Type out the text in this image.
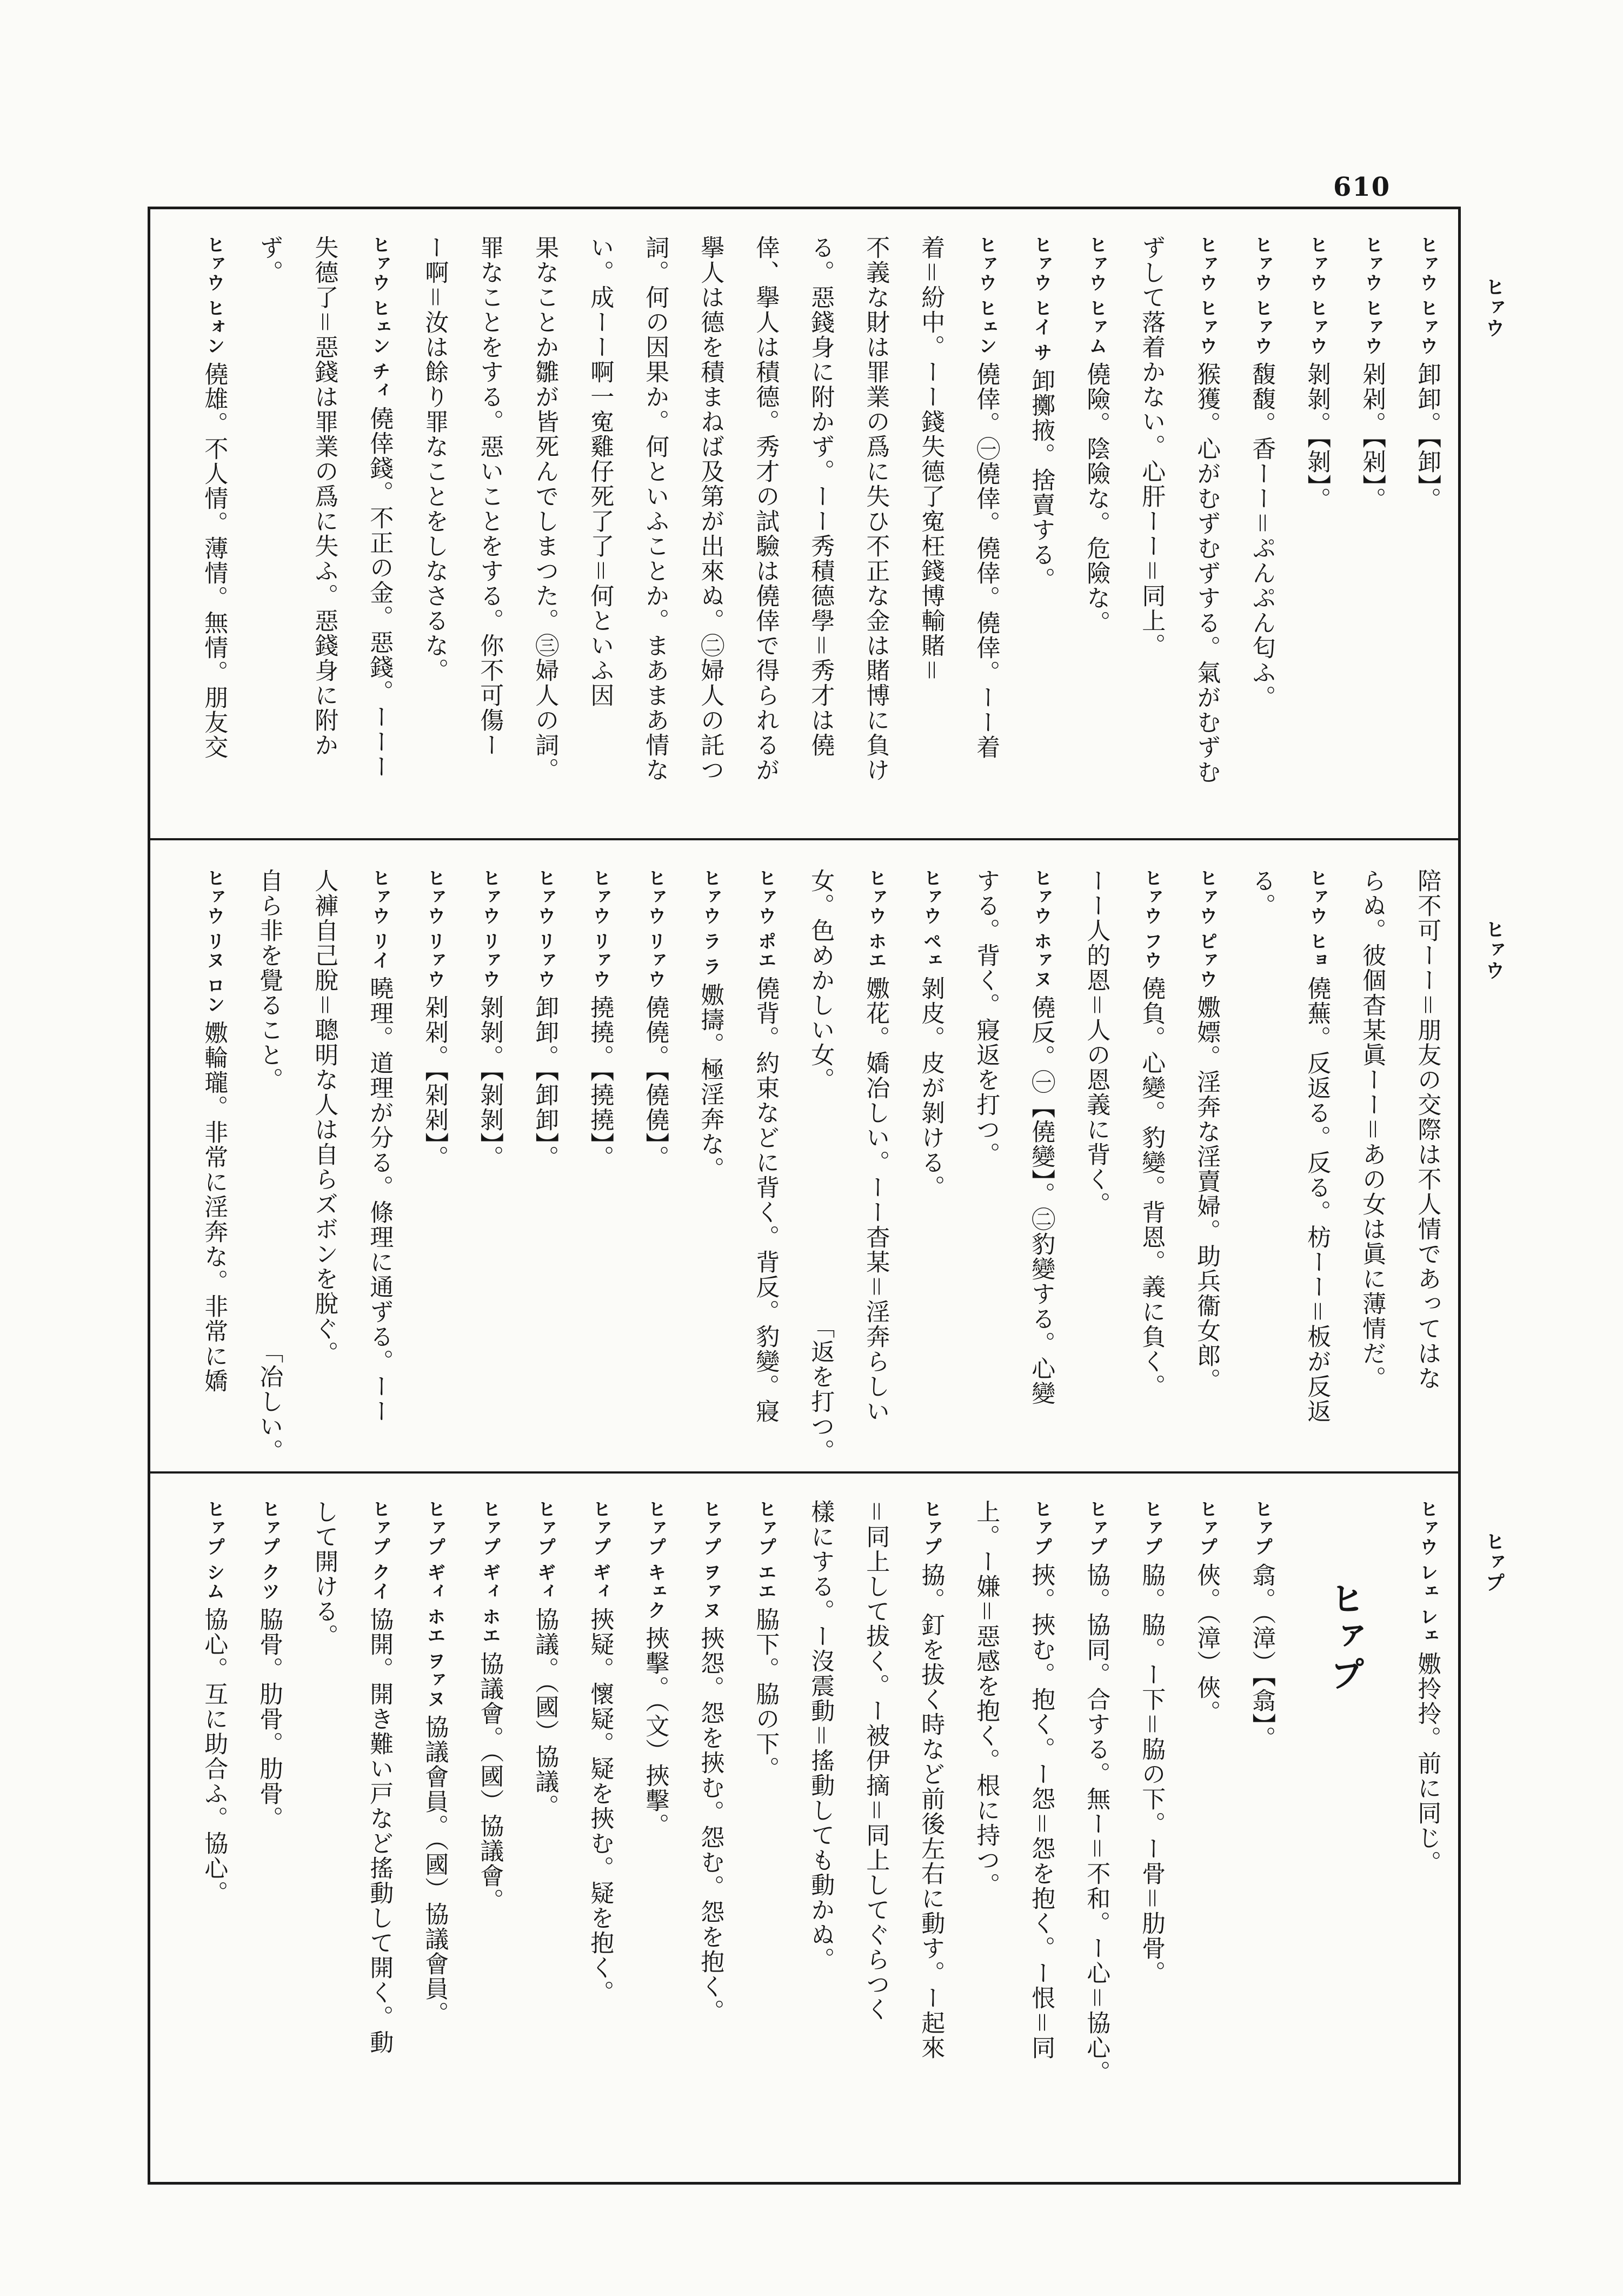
610
ヒァウ
ヒァウ
ヒァプ
ヒァウ
ヒァウ
卸卸。【卸】。
ヒァウ
ヒァウ
剁剁。【剁】。
ヒァウ
ヒァウ
剝剝。【剝】。
ヒァウ
ヒァウ
馥馥。香ーー＝ぷんぷん匂ふ。
ヒァウ
ヒァウ
猴獲。心がむずむずする。氣がむずむ
ずして落着かない。心肝ーー＝同上。
ヒァウ
ヒァム
僥險。陰險な。危險な。
ヒァウ
ヒイ
サ
卸擲掖。捨賣する。
ヒァウ
ヒェン
僥倖。㊀僥倖。僥倖。僥倖。ーー着
着＝紛中。ーー錢失德了寃枉錢博輸賭＝
不義な財は罪業の爲に失ひ不正な金は賭博に負け
る。惡錢身に附かず。ーー秀積德學＝秀才は僥
倖、擧人は積德。秀才の試驗は僥倖で得られるが
擧人は德を積まねば及第が出來ぬ。㊁婦人の託つ
詞。何の因果か。何といふことか。まあまあ情な
い。成ーー啊一寃雞仔死了了＝何といふ因
果なことか雛が皆死んでしまつた。㊂婦人の詞。
罪なことをする。惡いことをする。你不可傷ー
ー啊＝汝は餘り罪なことをしなさるな。
ヒァウ
ヒェン
チィ
僥倖錢。不正の金。惡錢。ーーー
失德了＝惡錢は罪業の爲に失ふ。惡錢身に附か
ず。
ヒァウ
ヒォン
僥雄。不人情。薄情。無情。朋友交
陪不可ーー＝朋友の交際は不人情であってはな
らぬ。彼個杳某眞ーー＝あの女は眞に薄情だ。
ヒァウ
ヒョ
僥蕪。反返る。反る。枋ーー＝板が反返
る。
ヒァウ
ピァウ
嫐嫖。淫奔な淫賣婦。助兵衞女郎。
ヒァウ
フウ
僥負。心變。豹變。背恩。義に負く。
ーー人的恩＝人の恩義に背く。
ヒァウ
ホァヌ
僥反。㊀【僥變】。㊁豹變する。心變
する。背く。寢返を打つ。
ヒァウ
ペェ
剝皮。皮が剝ける。
ヒァウ
ホエ
嫐花。嬌冶しい。ーー杳某＝淫奔らしい
女。色めかしい女。
「返を打つ。
ヒァウ
ポエ
僥背。約束などに背く。背反。豹變。寢
ヒァウ
ラ
ラ
嫐擣。極淫奔な。
ヒァウ
リァウ
僥僥。【僥僥】。
ヒァウ
リァウ
撓撓。【撓撓】。
ヒァウ
リァウ
卸卸。【卸卸】。
ヒァウ
リァウ
剝剝。【剝剝】。
ヒァウ
リァウ
剁剁。【剁剁】。
ヒァウ
リイ
曉理。道理が分る。條理に通ずる。ーー
人褲自己脫＝聰明な人は自らズボンを脫ぐ。
自ら非を覺ること。
「冶しい。
ヒァウ
リヌ
ロン
嫐輪瓏。非常に淫奔な。非常に嬌
ヒァウ
レェ
レェ
嫐拎拎。前に同じ。
ヒァプ
ヒァプ
翕。（漳）【翕】。
ヒァプ
俠。（漳）俠。
ヒァプ
脇。脇。ー下＝脇の下。ー骨＝肋骨。
ヒァプ
協。協同。合する。無ー＝不和。ー心＝協心。
ヒァプ
挾。挾む。抱く。ー怨＝怨を抱く。ー恨＝同
上。ー嫌＝惡感を抱く。根に持つ。
ヒァプ
拹。釘を拔く時など前後左右に動す。ー起來
＝同上して拔く。ー被伊摘＝同上してぐらつく
樣にする。ー沒震動＝搖動しても動かぬ。
ヒァプ
エエ
脇下。脇の下。
ヒァプ
ヲァヌ
挾怨。怨を挾む。怨む。怨を抱く。
ヒァプ
キェク
挾擊。（文）挾擊。
ヒァプ
ギィ
挾疑。懷疑。疑を挾む。疑を抱く。
ヒァプ
ギィ
協議。（國）協議。
ヒァプ
ギィ
ホエ
協議會。（國）協議會。
ヒァプ
ギィ
ホエ
ヲァヌ
協議會員。（國）協議會員。
ヒァプ
クイ
協開。開き難い戸など搖動して開く。動
して開ける。
ヒァプ
クツ
脇骨。肋骨。肋骨。
ヒァプ
シム
協心。互に助合ふ。協心。
